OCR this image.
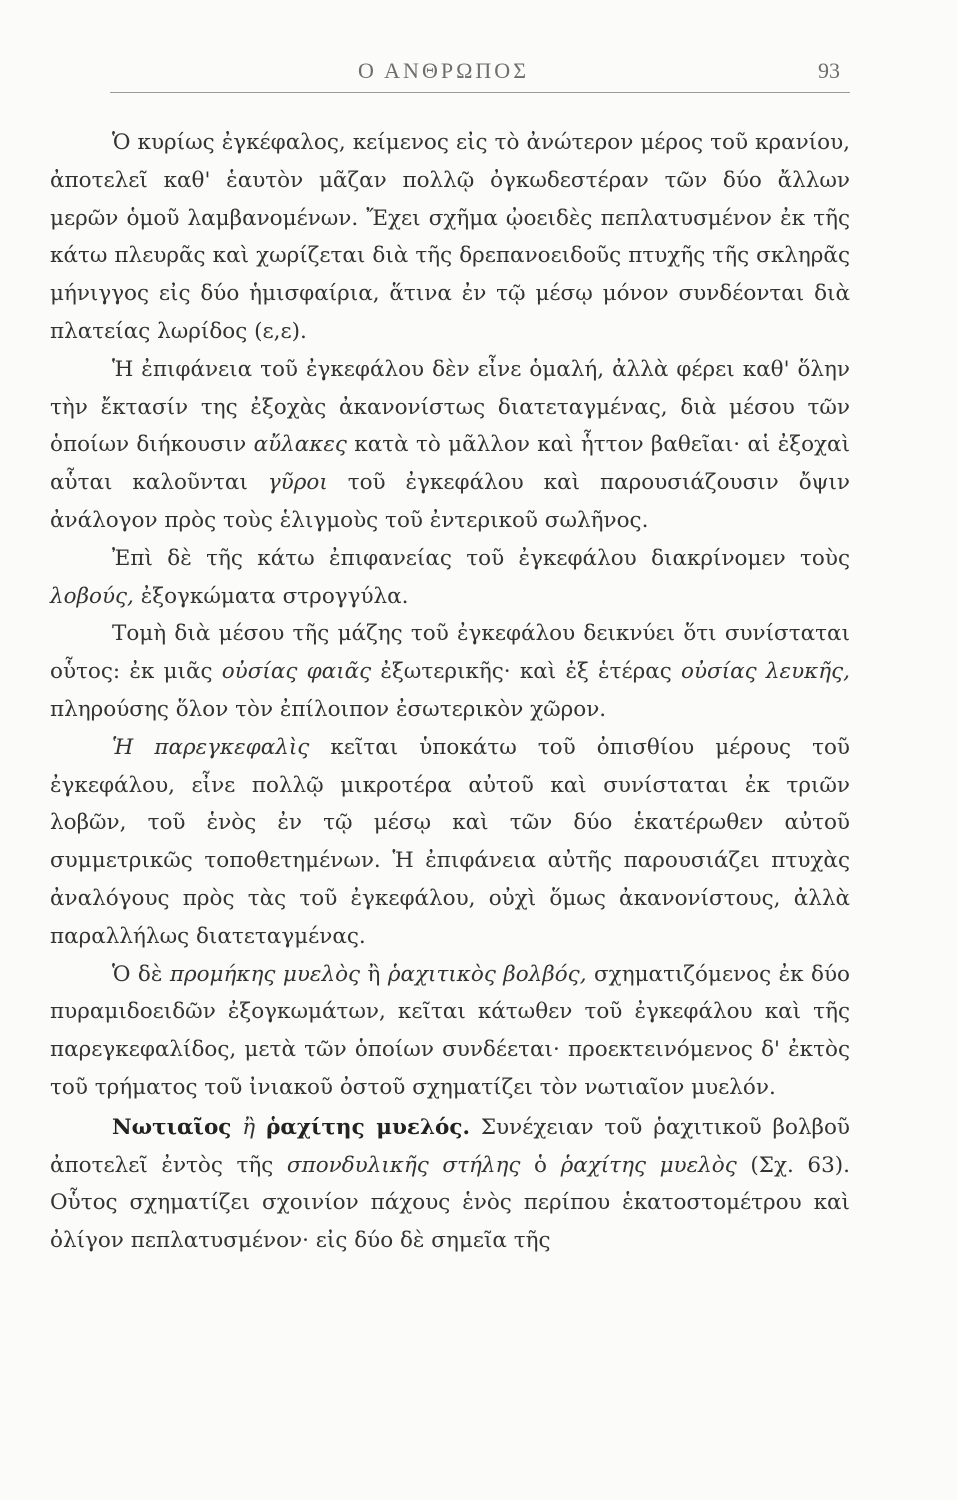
Ο ΑΝΘΡΩΠΟΣ	93

Ὁ κυρίως ἐγκέφαλος, κείμενος εἰς τὸ ἀνώτερον μέρος τοῦ κρανίου, ἀποτελεῖ καθ' ἑαυτὸν μᾶζαν πολλῷ ὀγκωδεστέραν τῶν δύο ἄλλων μερῶν ὁμοῦ λαμβανομένων. Ἔχει σχῆμα ᾠοειδὲς πεπλατυσμένον ἐκ τῆς κάτω πλευρᾶς καὶ χωρίζεται διὰ τῆς δρεπανοειδοῦς πτυχῆς τῆς σκληρᾶς μήνιγγος εἰς δύο ἡμισφαίρια, ἅτινα ἐν τῷ μέσῳ μόνον συνδέονται διὰ πλατείας λωρίδος (ε,ε).

Ἡ ἐπιφάνεια τοῦ ἐγκεφάλου δὲν εἶνε ὁμαλή, ἀλλὰ φέρει καθ' ὅλην τὴν ἔκτασίν της ἐξοχὰς ἀκανονίστως διατεταγμένας, διὰ μέσου τῶν ὁποίων διήκουσιν αὔλακες κατὰ τὸ μᾶλλον καὶ ἧττον βαθεῖαι· αἱ ἐξοχαὶ αὗται καλοῦνται γῦροι τοῦ ἐγκεφάλου καὶ παρουσιάζουσιν ὄψιν ἀνάλογον πρὸς τοὺς ἑλιγμοὺς τοῦ ἐντερικοῦ σωλῆνος.

Ἐπὶ δὲ τῆς κάτω ἐπιφανείας τοῦ ἐγκεφάλου διακρίνομεν τοὺς λοβούς, ἐξογκώματα στρογγύλα.

Τομὴ διὰ μέσου τῆς μάζης τοῦ ἐγκεφάλου δεικνύει ὅτι συνίσταται οὗτος: ἐκ μιᾶς οὐσίας φαιᾶς ἐξωτερικῆς· καὶ ἐξ ἑτέρας οὐσίας λευκῆς, πληρούσης ὅλον τὸν ἐπίλοιπον ἐσωτερικὸν χῶρον.

Ἡ παρεγκεφαλὶς κεῖται ὑποκάτω τοῦ ὀπισθίου μέρους τοῦ ἐγκεφάλου, εἶνε πολλῷ μικροτέρα αὐτοῦ καὶ συνίσταται ἐκ τριῶν λοβῶν, τοῦ ἑνὸς ἐν τῷ μέσῳ καὶ τῶν δύο ἑκατέρωθεν αὐτοῦ συμμετρικῶς τοποθετημένων. Ἡ ἐπιφάνεια αὐτῆς παρουσιάζει πτυχὰς ἀναλόγους πρὸς τὰς τοῦ ἐγκεφάλου, οὐχὶ ὅμως ἀκανονίστους, ἀλλὰ παραλλήλως διατεταγμένας.

Ὁ δὲ προμήκης μυελὸς ἢ ῥαχιτικὸς βολβός, σχηματιζόμενος ἐκ δύο πυραμιδοειδῶν ἐξογκωμάτων, κεῖται κάτωθεν τοῦ ἐγκεφάλου καὶ τῆς παρεγκεφαλίδος, μετὰ τῶν ὁποίων συνδέεται· προεκτεινόμενος δ' ἐκτὸς τοῦ τρήματος τοῦ ἰνιακοῦ ὀστοῦ σχηματίζει τὸν νωτιαῖον μυελόν.

Νωτιαῖος ἢ ῥαχίτης μυελός. Συνέχειαν τοῦ ῥαχιτικοῦ βολβοῦ ἀποτελεῖ ἐντὸς τῆς σπονδυλικῆς στήλης ὁ ῥαχίτης μυελὸς (Σχ. 63). Οὗτος σχηματίζει σχοινίον πάχους ἑνὸς περίπου ἑκατοστομέτρου καὶ ὀλίγον πεπλατυσμένον· εἰς δύο δὲ σημεῖα τῆς
